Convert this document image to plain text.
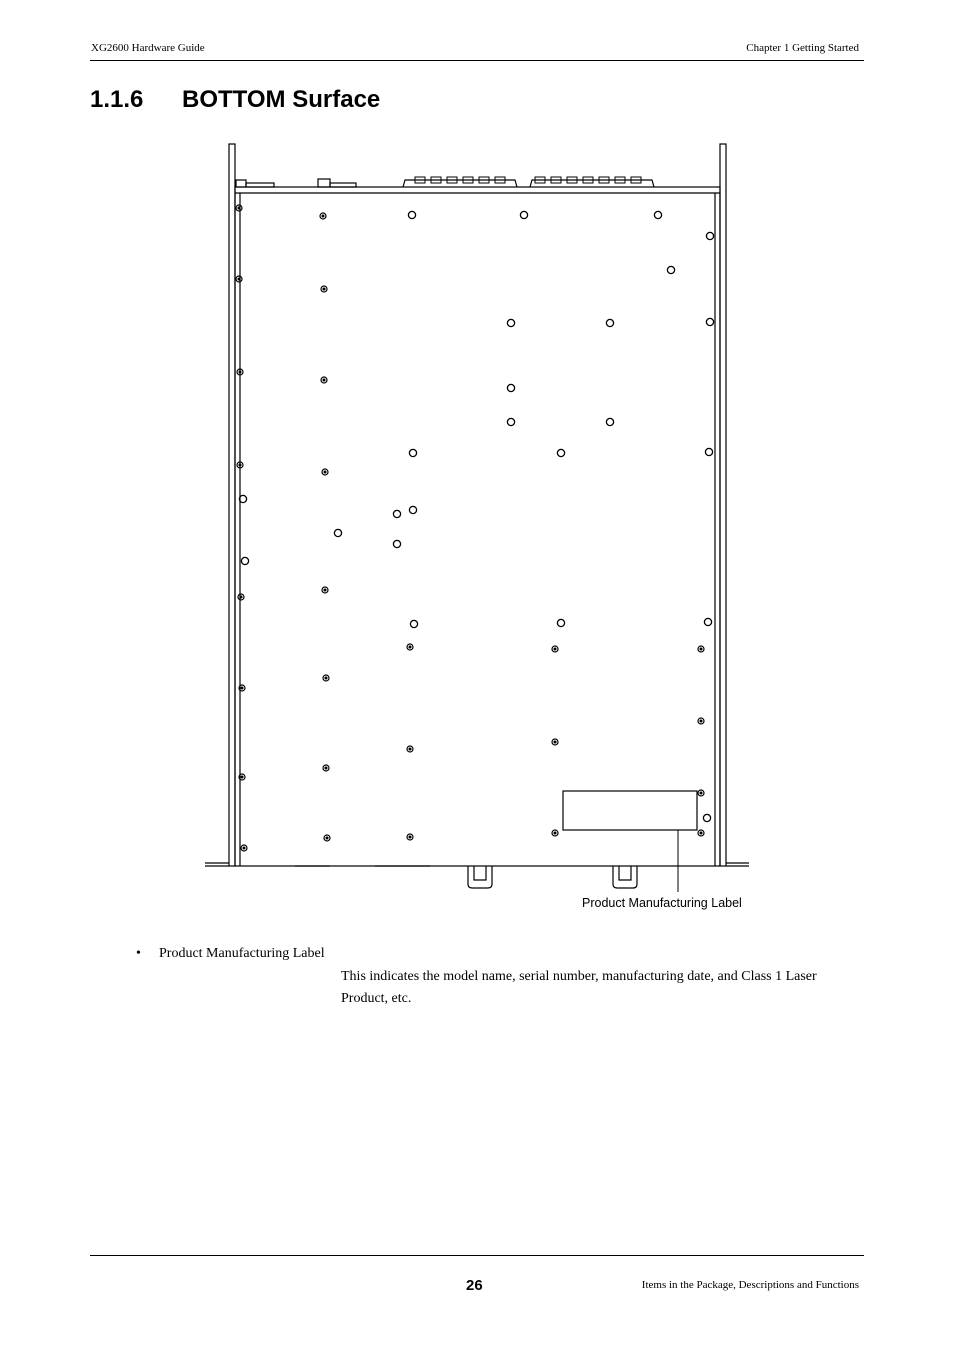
XG2600 Hardware Guide	Chapter 1 Getting Started
1.1.6 BOTTOM Surface
Product Manufacturing Label
• Product Manufacturing Label

This indicates the model name, serial number, manufacturing date, and Class 1 Laser Product, etc.

26	Items in the Package, Descriptions and Functions
